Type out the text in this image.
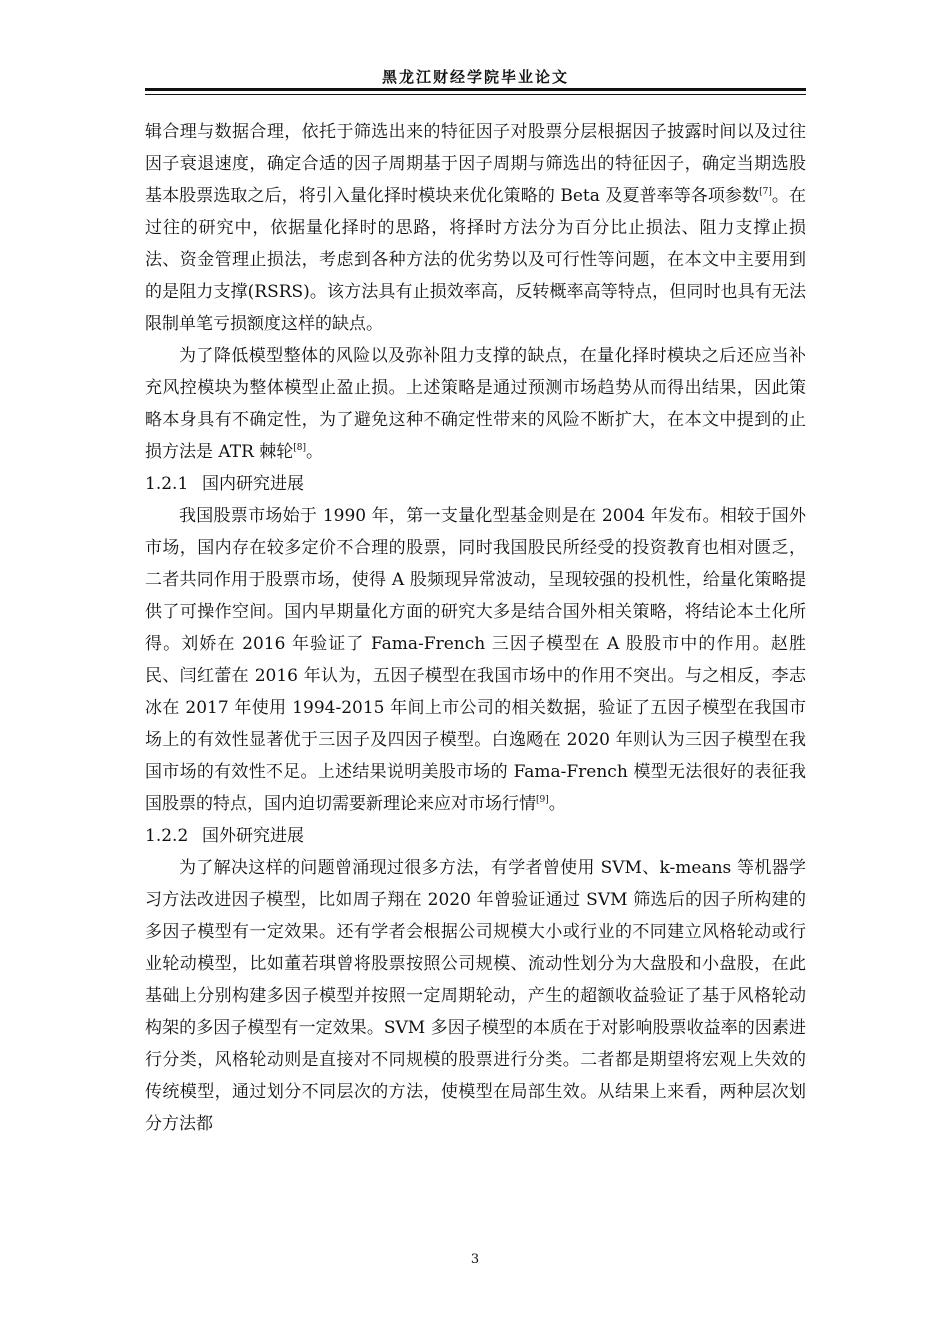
黑龙江财经学院毕业论文

辑合理与数据合理，依托于筛选出来的特征因子对股票分层根据因子披露时间以及过往因子衰退速度，确定合适的因子周期基于因子周期与筛选出的特征因子，确定当期选股基本股票选取之后，将引入量化择时模块来优化策略的 Beta 及夏普率等各项参数[7]。在过往的研究中，依据量化择时的思路，将择时方法分为百分比止损法、阻力支撑止损法、资金管理止损法，考虑到各种方法的优劣势以及可行性等问题，在本文中主要用到的是阻力支撑(RSRS)。该方法具有止损效率高，反转概率高等特点，但同时也具有无法限制单笔亏损额度这样的缺点。

为了降低模型整体的风险以及弥补阻力支撑的缺点，在量化择时模块之后还应当补充风控模块为整体模型止盈止损。上述策略是通过预测市场趋势从而得出结果，因此策略本身具有不确定性，为了避免这种不确定性带来的风险不断扩大，在本文中提到的止损方法是 ATR 棘轮[8]。

1.2.1 国内研究进展

我国股票市场始于 1990 年，第一支量化型基金则是在 2004 年发布。相较于国外市场，国内存在较多定价不合理的股票，同时我国股民所经受的投资教育也相对匮乏，二者共同作用于股票市场，使得 A 股频现异常波动，呈现较强的投机性，给量化策略提供了可操作空间。国内早期量化方面的研究大多是结合国外相关策略，将结论本土化所得。刘娇在 2016 年验证了 Fama-French 三因子模型在 A 股股市中的作用。赵胜民、闫红蕾在 2016 年认为，五因子模型在我国市场中的作用不突出。与之相反，李志冰在 2017 年使用 1994-2015 年间上市公司的相关数据，验证了五因子模型在我国市场上的有效性显著优于三因子及四因子模型。白逸飏在 2020 年则认为三因子模型在我国市场的有效性不足。上述结果说明美股市场的 Fama-French 模型无法很好的表征我国股票的特点，国内迫切需要新理论来应对市场行情[9]。

1.2.2 国外研究进展

为了解决这样的问题曾涌现过很多方法，有学者曾使用 SVM、k-means 等机器学习方法改进因子模型，比如周子翔在 2020 年曾验证通过 SVM 筛选后的因子所构建的多因子模型有一定效果。还有学者会根据公司规模大小或行业的不同建立风格轮动或行业轮动模型，比如董若琪曾将股票按照公司规模、流动性划分为大盘股和小盘股，在此基础上分别构建多因子模型并按照一定周期轮动，产生的超额收益验证了基于风格轮动构架的多因子模型有一定效果。SVM 多因子模型的本质在于对影响股票收益率的因素进行分类，风格轮动则是直接对不同规模的股票进行分类。二者都是期望将宏观上失效的传统模型，通过划分不同层次的方法，使模型在局部生效。从结果上来看，两种层次划分方法都

3
